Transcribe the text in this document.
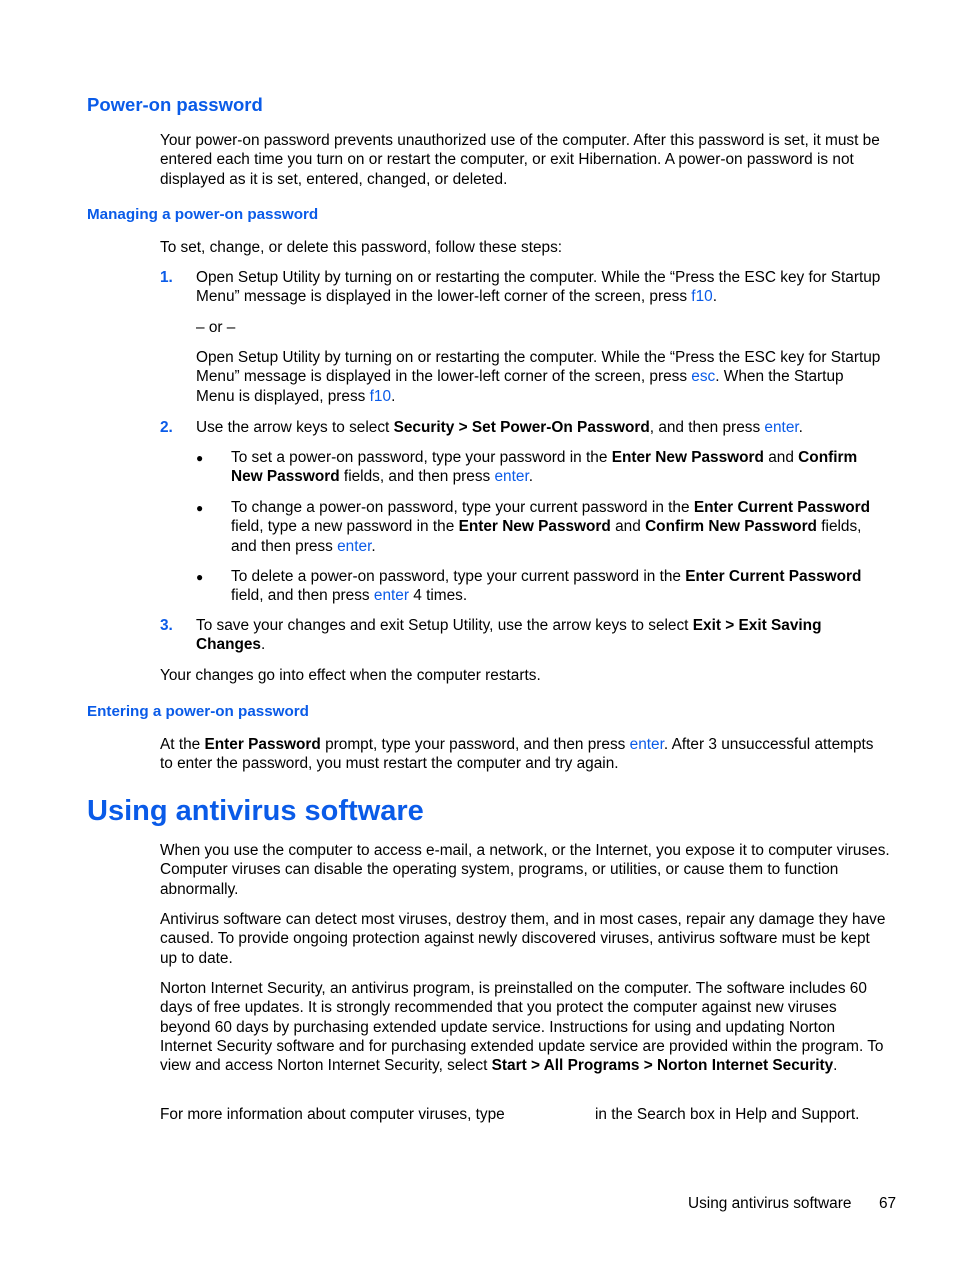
Power-on password

Your power-on password prevents unauthorized use of the computer. After this password is set, it must be entered each time you turn on or restart the computer, or exit Hibernation. A power-on password is not displayed as it is set, entered, changed, or deleted.

Managing a power-on password

To set, change, or delete this password, follow these steps:

1. Open Setup Utility by turning on or restarting the computer. While the “Press the ESC key for Startup Menu” message is displayed in the lower-left corner of the screen, press f10.

– or –

Open Setup Utility by turning on or restarting the computer. While the “Press the ESC key for Startup Menu” message is displayed in the lower-left corner of the screen, press esc. When the Startup Menu is displayed, press f10.

2. Use the arrow keys to select Security > Set Power-On Password, and then press enter.

● To set a power-on password, type your password in the Enter New Password and Confirm New Password fields, and then press enter.

● To change a power-on password, type your current password in the Enter Current Password field, type a new password in the Enter New Password and Confirm New Password fields, and then press enter.

● To delete a power-on password, type your current password in the Enter Current Password field, and then press enter 4 times.

3. To save your changes and exit Setup Utility, use the arrow keys to select Exit > Exit Saving Changes.

Your changes go into effect when the computer restarts.

Entering a power-on password

At the Enter Password prompt, type your password, and then press enter. After 3 unsuccessful attempts to enter the password, you must restart the computer and try again.

Using antivirus software

When you use the computer to access e-mail, a network, or the Internet, you expose it to computer viruses. Computer viruses can disable the operating system, programs, or utilities, or cause them to function abnormally.

Antivirus software can detect most viruses, destroy them, and in most cases, repair any damage they have caused. To provide ongoing protection against newly discovered viruses, antivirus software must be kept up to date.

Norton Internet Security, an antivirus program, is preinstalled on the computer. The software includes 60 days of free updates. It is strongly recommended that you protect the computer against new viruses beyond 60 days by purchasing extended update service. Instructions for using and updating Norton Internet Security software and for purchasing extended update service are provided within the program. To view and access Norton Internet Security, select Start > All Programs > Norton Internet Security.

For more information about computer viruses, type	in the Search box in Help and Support.
Using antivirus software 67
